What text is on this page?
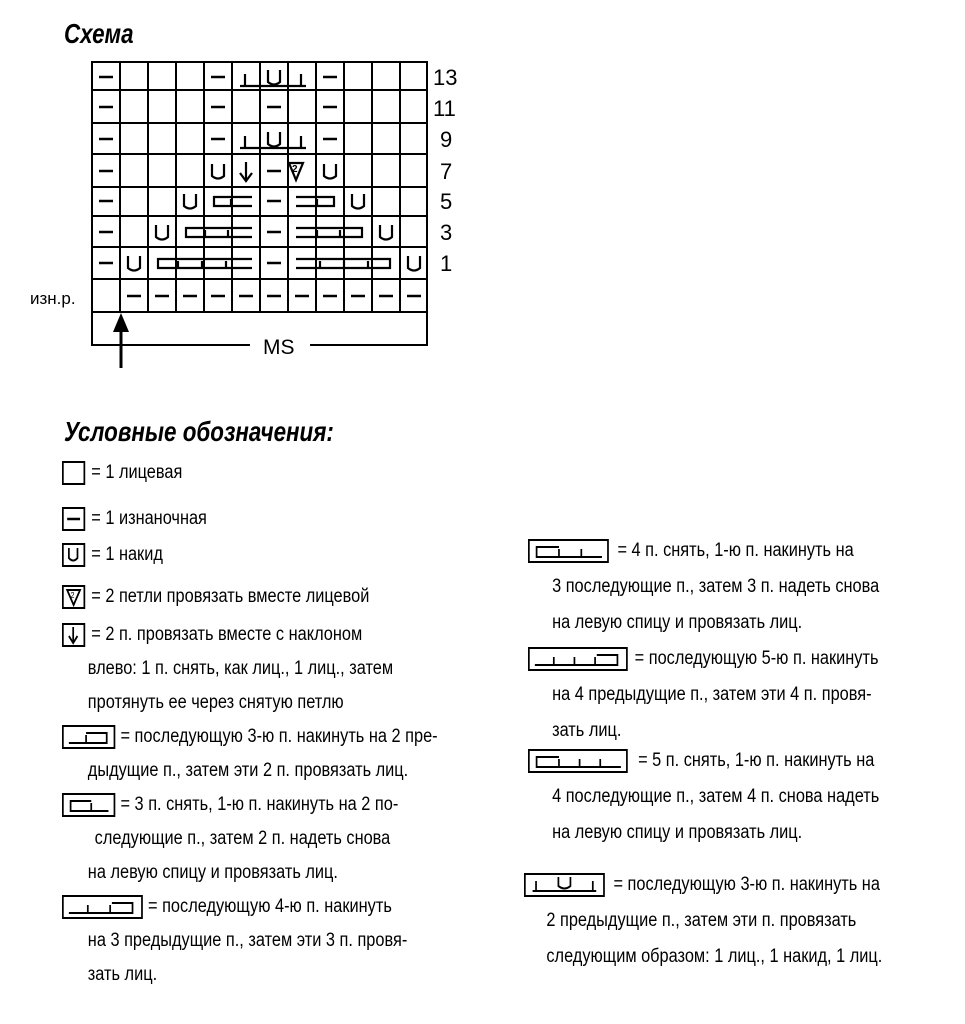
Схема
2
13
11
9
7
5
3
1
изн.р.
MS
Условные обозначения:
= 1 лицевая
= 1 изнаночная
= 1 накид
2 = 2 петли провязать вместе лицевой
= 2 п. провязать вместе с наклоном
влево: 1 п. снять, как лиц., 1 лиц., затем
протянуть ее через снятую петлю
= последующую 3-ю п. накинуть на 2 пре-
дыдущие п., затем эти 2 п. провязать лиц.
= 3 п. снять, 1-ю п. накинуть на 2 по-
следующие п., затем 2 п. надеть снова
на левую спицу и провязать лиц.
= последующую 4-ю п. накинуть
на 3 предыдущие п., затем эти 3 п. провя-
зать лиц.
= 4 п. снять, 1-ю п. накинуть на
3 последующие п., затем 3 п. надеть снова
на левую спицу и провязать лиц.
= последующую 5-ю п. накинуть
на 4 предыдущие п., затем эти 4 п. провя-
зать лиц.
= 5 п. снять, 1-ю п. накинуть на
4 последующие п., затем 4 п. снова надеть
на левую спицу и провязать лиц.
= последующую 3-ю п. накинуть на
2 предыдущие п., затем эти п. провязать
следующим образом: 1 лиц., 1 накид, 1 лиц.
